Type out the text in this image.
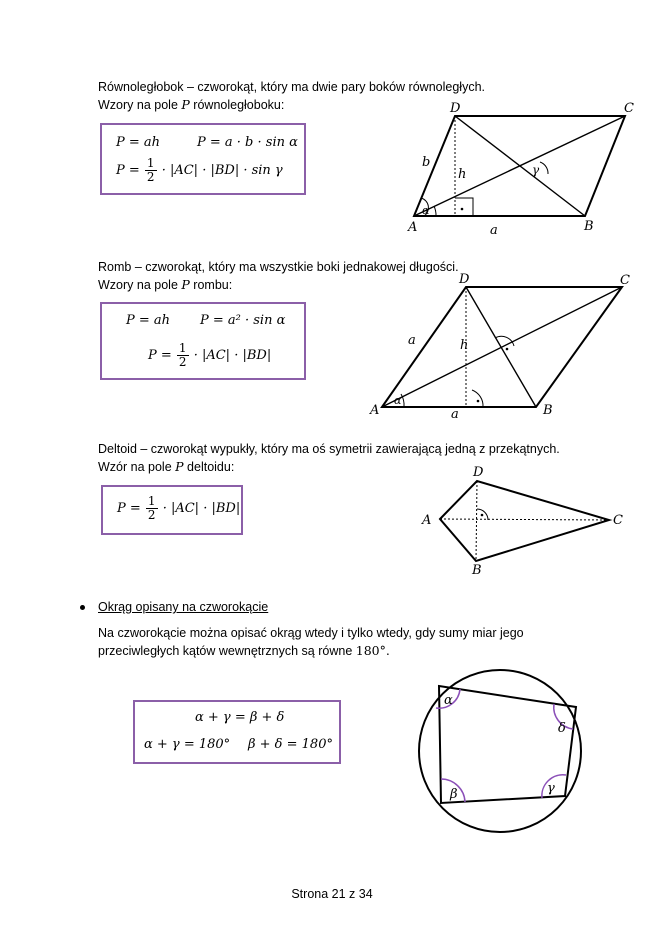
Równoległobok – czworokąt, który ma dwie pary boków równoległych.
Wzory na pole P równoległoboku:
P = ah	P = a · b · sin α
$P = \frac{1}{2} \cdot |AC| \cdot |BD| \cdot \sin \gamma$
D	C
A	B
a
b
h
α
γ
Romb – czworokąt, który ma wszystkie boki jednakowej długości.
Wzory na pole P rombu:
P = ah P = a² · sin α
$P = \frac{1}{2} \cdot |AC| \cdot |BD|$
D	C
A	B
a
a
h
α
Deltoid – czworokąt wypukły, który ma oś symetrii zawierającą jedną z przekątnych.
Wzór na pole P deltoidu:
$P = \frac{1}{2} \cdot |AC| \cdot |BD|$
D
A	C
B
Okrąg opisany na czworokącie
Na czworokącie można opisać okrąg wtedy i tylko wtedy, gdy sumy miar jego
przeciwległych kątów wewnętrznych są równe 180°.
α + γ = β + δ
α + γ = 180° β + δ = 180°
α
δ
γ
β
Strona 21 z 34
